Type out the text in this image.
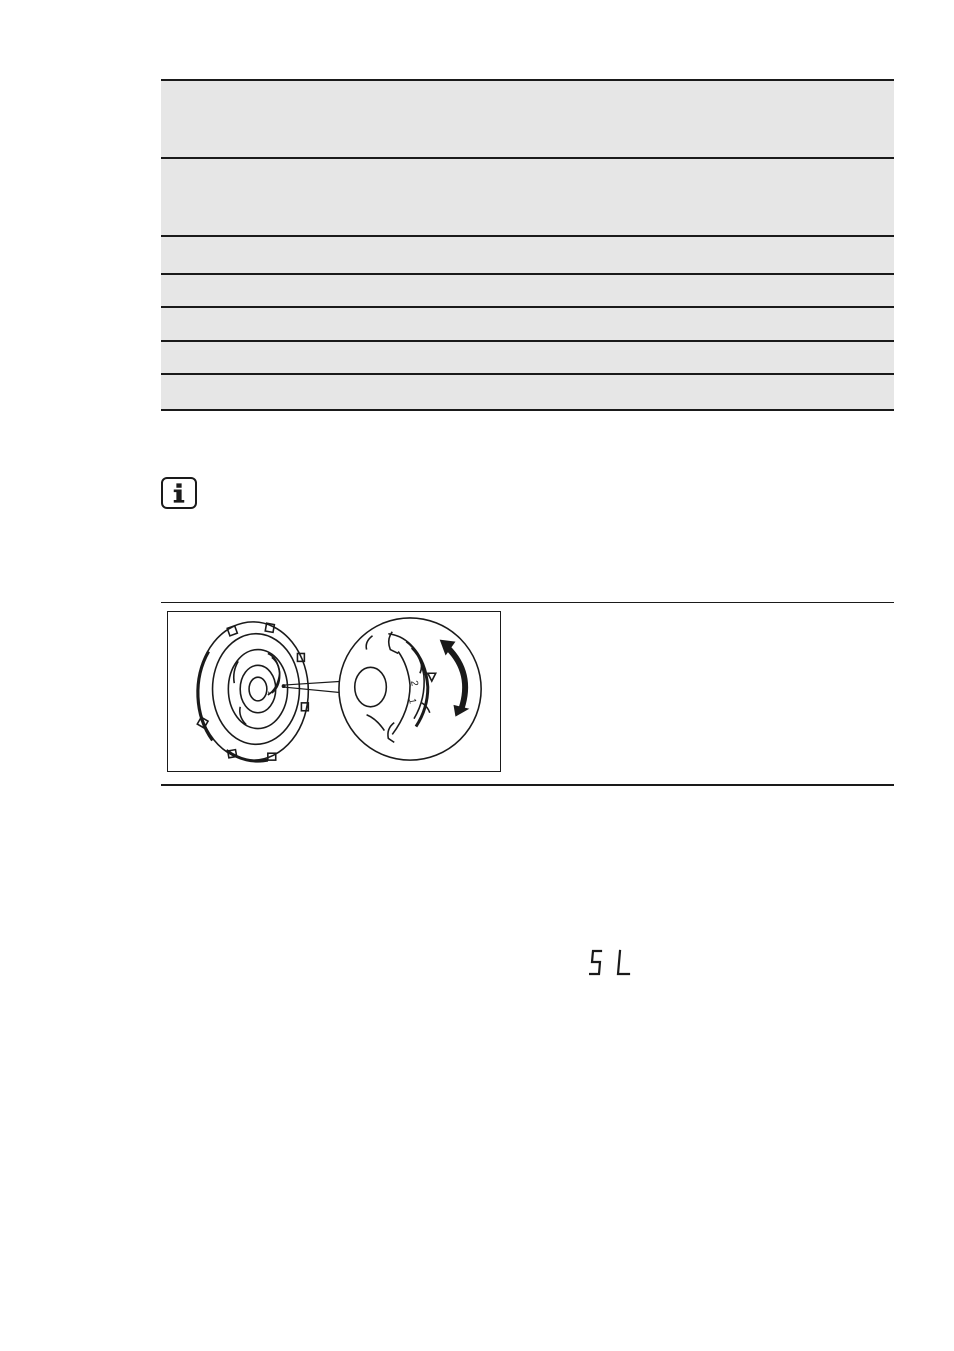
1
2
1
